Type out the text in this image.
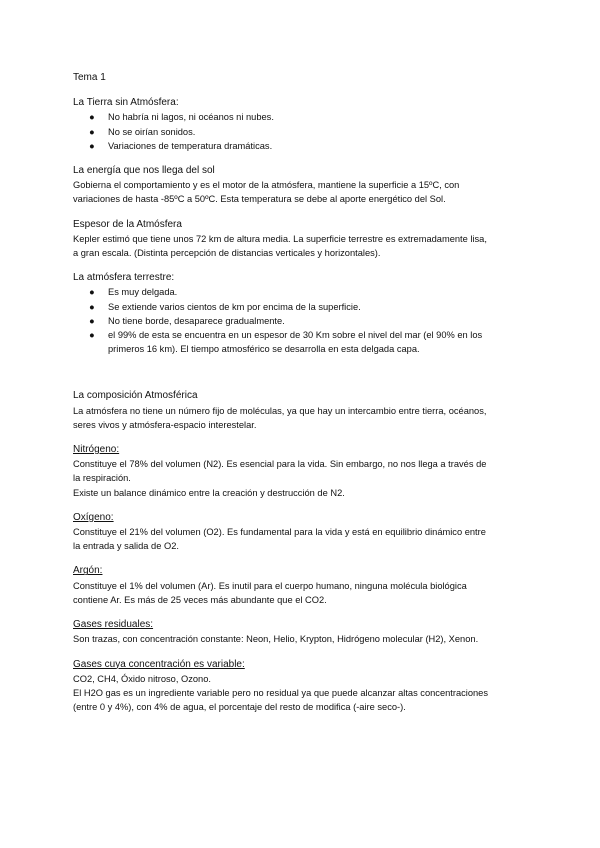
Tema 1

La Tierra sin Atmósfera:

● No habría ni lagos, ni océanos ni nubes.
● No se oirían sonidos.
● Variaciones de temperatura dramáticas.

La energía que nos llega del sol

Gobierna el comportamiento y es el motor de la atmósfera, mantiene la superficie a 15ºC, con

variaciones de hasta -85ºC a 50ºC. Esta temperatura se debe al aporte energético del Sol.

Espesor de la Atmósfera

Kepler estimó que tiene unos 72 km de altura media. La superficie terrestre es extremadamente lisa,

a gran escala. (Distinta percepción de distancias verticales y horizontales).

La atmósfera terrestre:

● Es muy delgada.
● Se extiende varios cientos de km por encima de la superficie.
● No tiene borde, desaparece gradualmente.
● el 99% de esta se encuentra en un espesor de 30 Km sobre el nivel del mar (el 90% en los
primeros 16 km). El tiempo atmosférico se desarrolla en esta delgada capa.

La composición Atmosférica

La atmósfera no tiene un número fijo de moléculas, ya que hay un intercambio entre tierra, océanos,

seres vivos y atmósfera-espacio interestelar.

Nitrógeno:

Constituye el 78% del volumen (N2). Es esencial para la vida. Sin embargo, no nos llega a través de

la respiración.

Existe un balance dinámico entre la creación y destrucción de N2.

Oxígeno:

Constituye el 21% del volumen (O2). Es fundamental para la vida y está en equilibrio dinámico entre

la entrada y salida de O2.

Argón:

Constituye el 1% del volumen (Ar). Es inutil para el cuerpo humano, ninguna molécula biológica

contiene Ar. Es más de 25 veces más abundante que el CO2.

Gases residuales:

Son trazas, con concentración constante: Neon, Helio, Krypton, Hidrógeno molecular (H2), Xenon.

Gases cuya concentración es variable:

CO2, CH4, Óxido nitroso, Ozono.

El H2O gas es un ingrediente variable pero no residual ya que puede alcanzar altas concentraciones

(entre 0 y 4%), con 4% de agua, el porcentaje del resto de modifica (-aire seco-).
